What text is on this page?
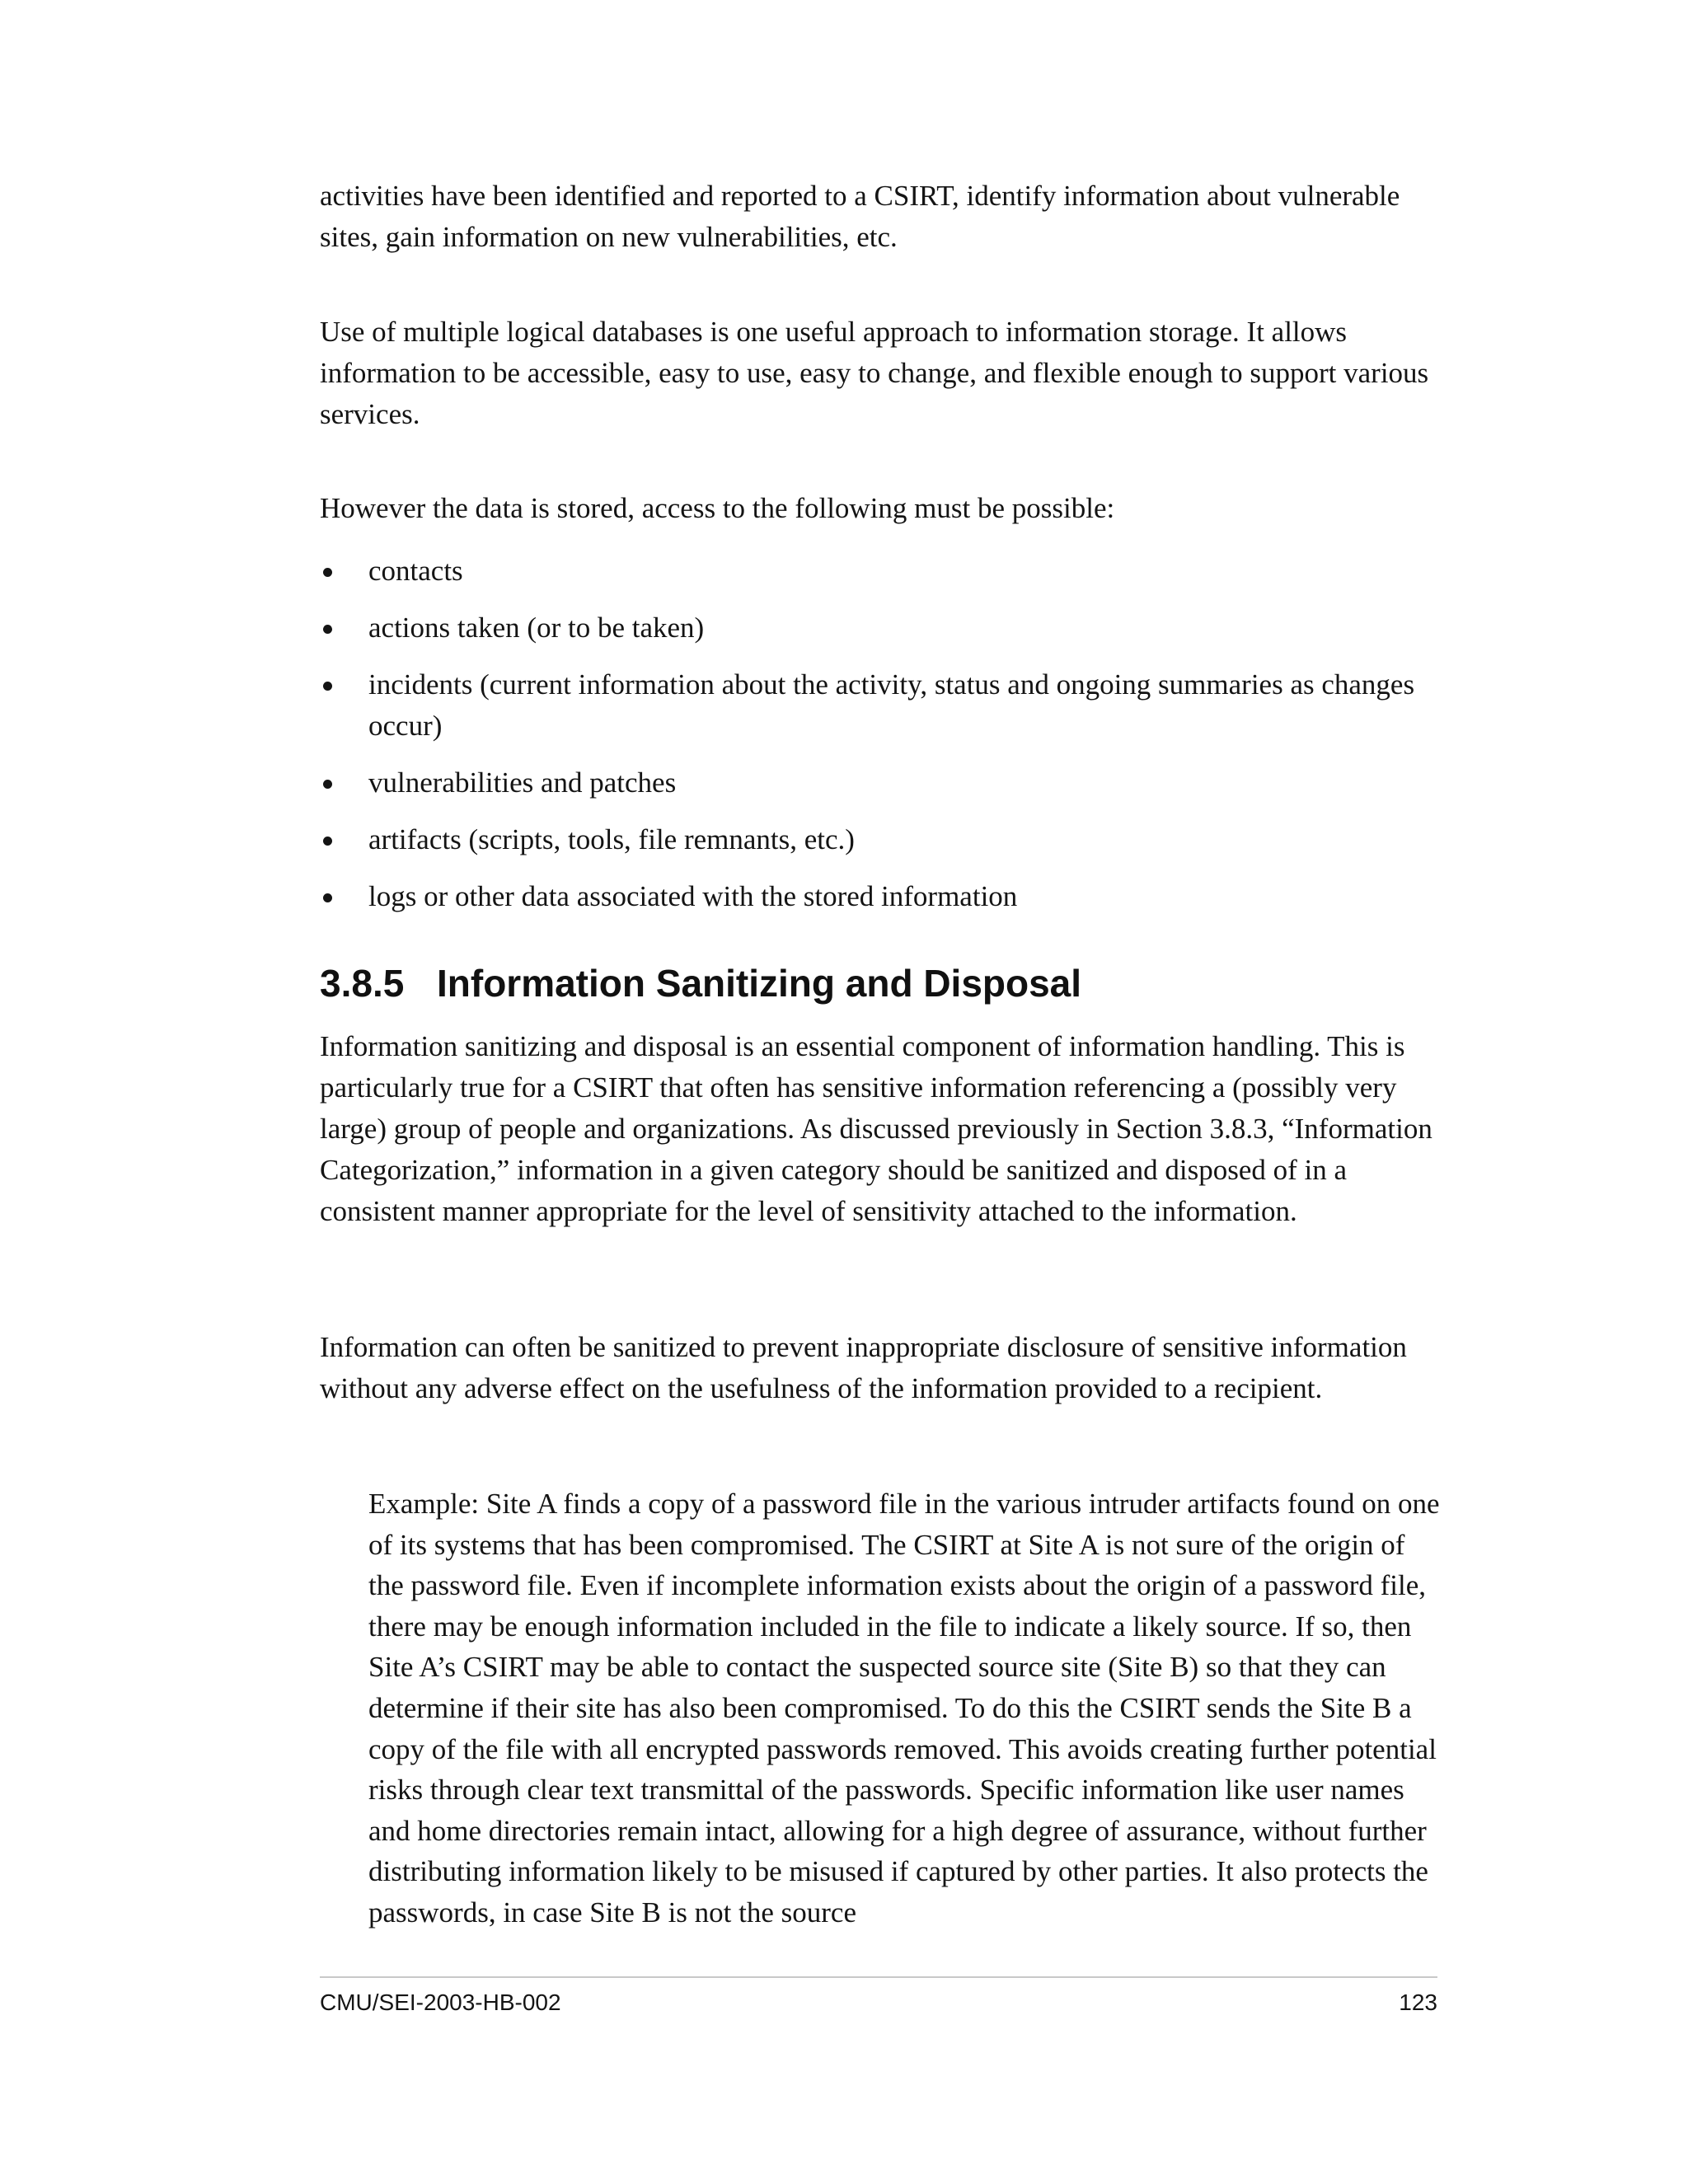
activities have been identified and reported to a CSIRT, identify information about vulnerable sites, gain information on new vulnerabilities, etc.

Use of multiple logical databases is one useful approach to information storage. It allows information to be accessible, easy to use, easy to change, and flexible enough to support various services.

However the data is stored, access to the following must be possible:

contacts
actions taken (or to be taken)
incidents (current information about the activity, status and ongoing summaries as changes occur)
vulnerabilities and patches
artifacts (scripts, tools, file remnants, etc.)
logs or other data associated with the stored information
3.8.5 Information Sanitizing and Disposal

Information sanitizing and disposal is an essential component of information handling. This is particularly true for a CSIRT that often has sensitive information referencing a (possibly very large) group of people and organizations. As discussed previously in Section 3.8.3, “Information Categorization,” information in a given category should be sanitized and disposed of in a consistent manner appropriate for the level of sensitivity attached to the information.

Information can often be sanitized to prevent inappropriate disclosure of sensitive information without any adverse effect on the usefulness of the information provided to a recipient.

Example: Site A finds a copy of a password file in the various intruder artifacts found on one of its systems that has been compromised. The CSIRT at Site A is not sure of the origin of the password file. Even if incomplete information exists about the origin of a password file, there may be enough information included in the file to indicate a likely source. If so, then Site A’s CSIRT may be able to contact the suspected source site (Site B) so that they can determine if their site has also been compromised. To do this the CSIRT sends the Site B a copy of the file with all encrypted passwords removed. This avoids creating further potential risks through clear text transmittal of the passwords. Specific information like user names and home directories remain intact, allowing for a high degree of assurance, without further distributing information likely to be misused if captured by other parties. It also protects the passwords, in case Site B is not the source

CMU/SEI-2003-HB-002	123
